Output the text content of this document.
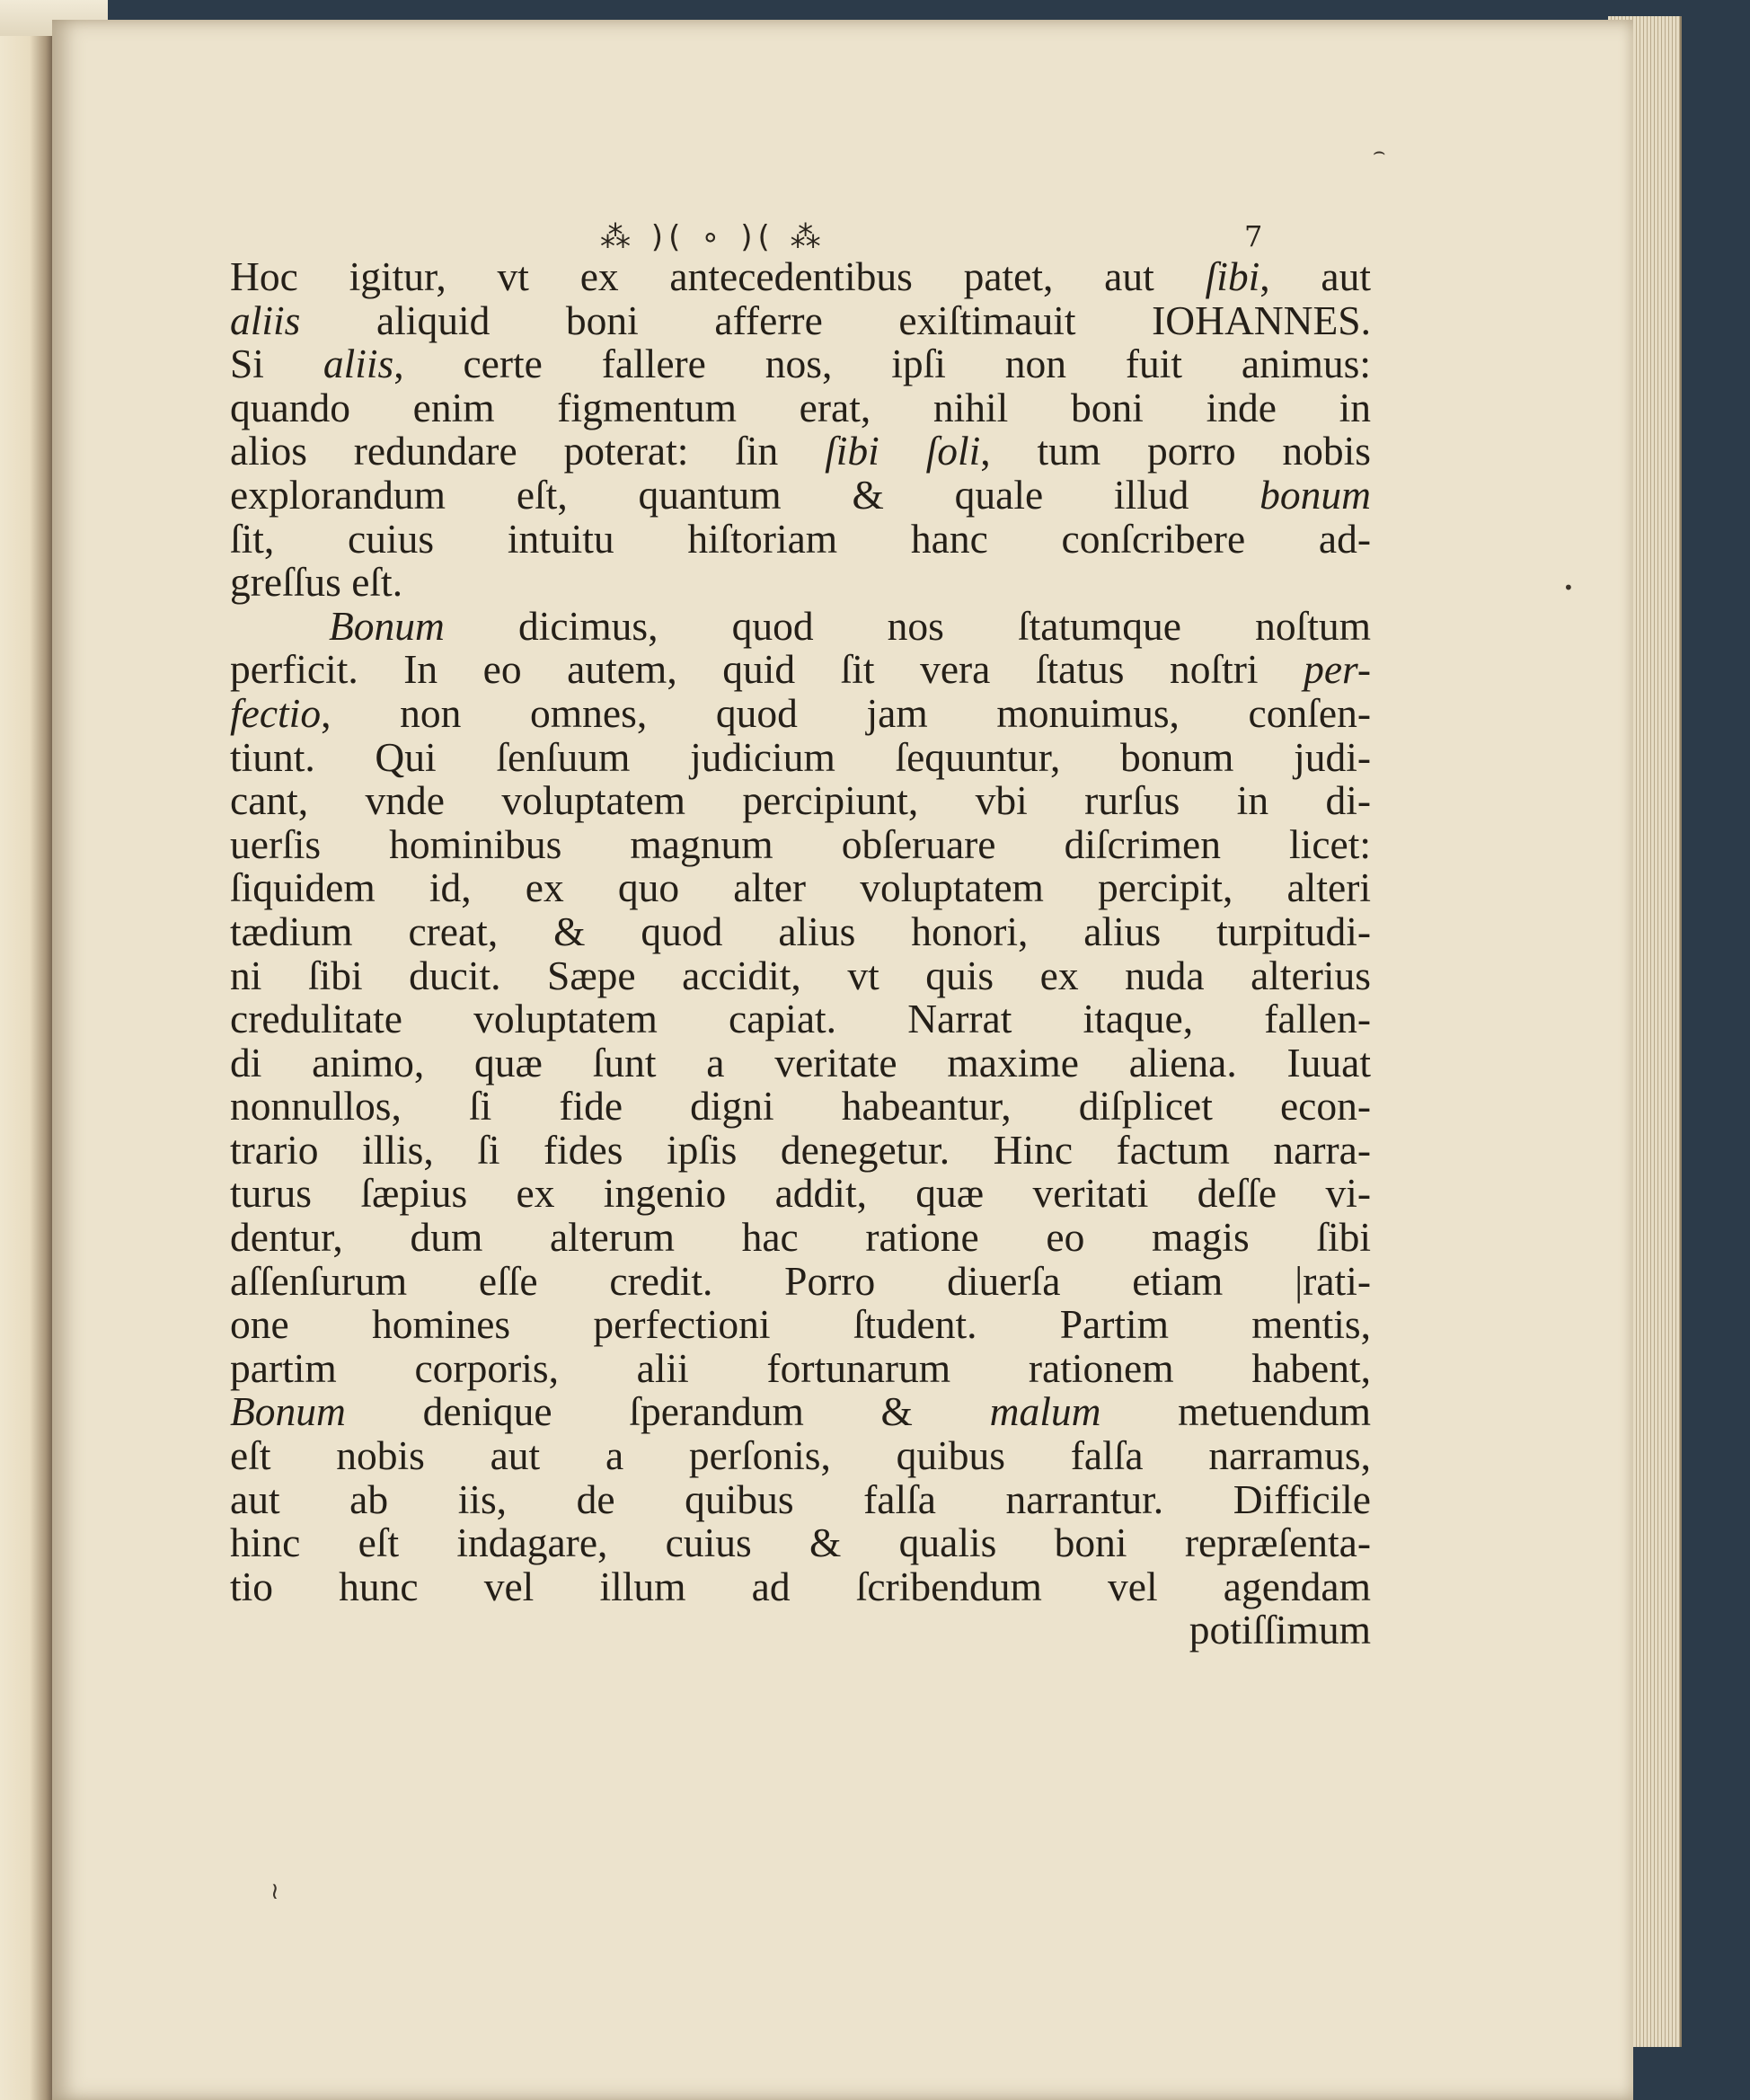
⁂ )( ∘ )( ⁂	7
Hoc igitur, vt ex antecedentibus patet, aut ſibi, aut
aliis aliquid boni afferre exiſtimauit IOHANNES.
Si aliis, certe fallere nos, ipſi non fuit animus:
quando enim figmentum erat, nihil boni inde in
alios redundare poterat: ſin ſibi ſoli, tum porro nobis
explorandum eſt, quantum & quale illud bonum
ſit, cuius intuitu hiſtoriam hanc conſcribere ad-
greſſus eſt.
Bonum dicimus, quod nos ſtatumque noſtum
perficit. In eo autem, quid ſit vera ſtatus noſtri per-
fectio, non omnes, quod jam monuimus, conſen-
tiunt. Qui ſenſuum judicium ſequuntur, bonum judi-
cant, vnde voluptatem percipiunt, vbi rurſus in di-
uerſis hominibus magnum obſeruare diſcrimen licet:
ſiquidem id, ex quo alter voluptatem percipit, alteri
tædium creat, & quod alius honori, alius turpitudi-
ni ſibi ducit. Sæpe accidit, vt quis ex nuda alterius
credulitate voluptatem capiat. Narrat itaque, fallen-
di animo, quæ ſunt a veritate maxime aliena. Iuuat
nonnullos, ſi fide digni habeantur, diſplicet econ-
trario illis, ſi fides ipſis denegetur. Hinc factum narra-
turus ſæpius ex ingenio addit, quæ veritati deſſe vi-
dentur, dum alterum hac ratione eo magis ſibi
aſſenſurum eſſe credit. Porro diuerſa etiam |rati-
one homines perfectioni ſtudent. Partim mentis,
partim corporis, alii fortunarum rationem habent,
Bonum denique ſperandum & malum metuendum
eſt nobis aut a perſonis, quibus falſa narramus,
aut ab iis, de quibus falſa narrantur. Difficile
hinc eſt indagare, cuius & qualis boni repræſenta-
tio hunc vel illum ad ſcribendum vel agendam
potiſſimum
⌢
•
≀
